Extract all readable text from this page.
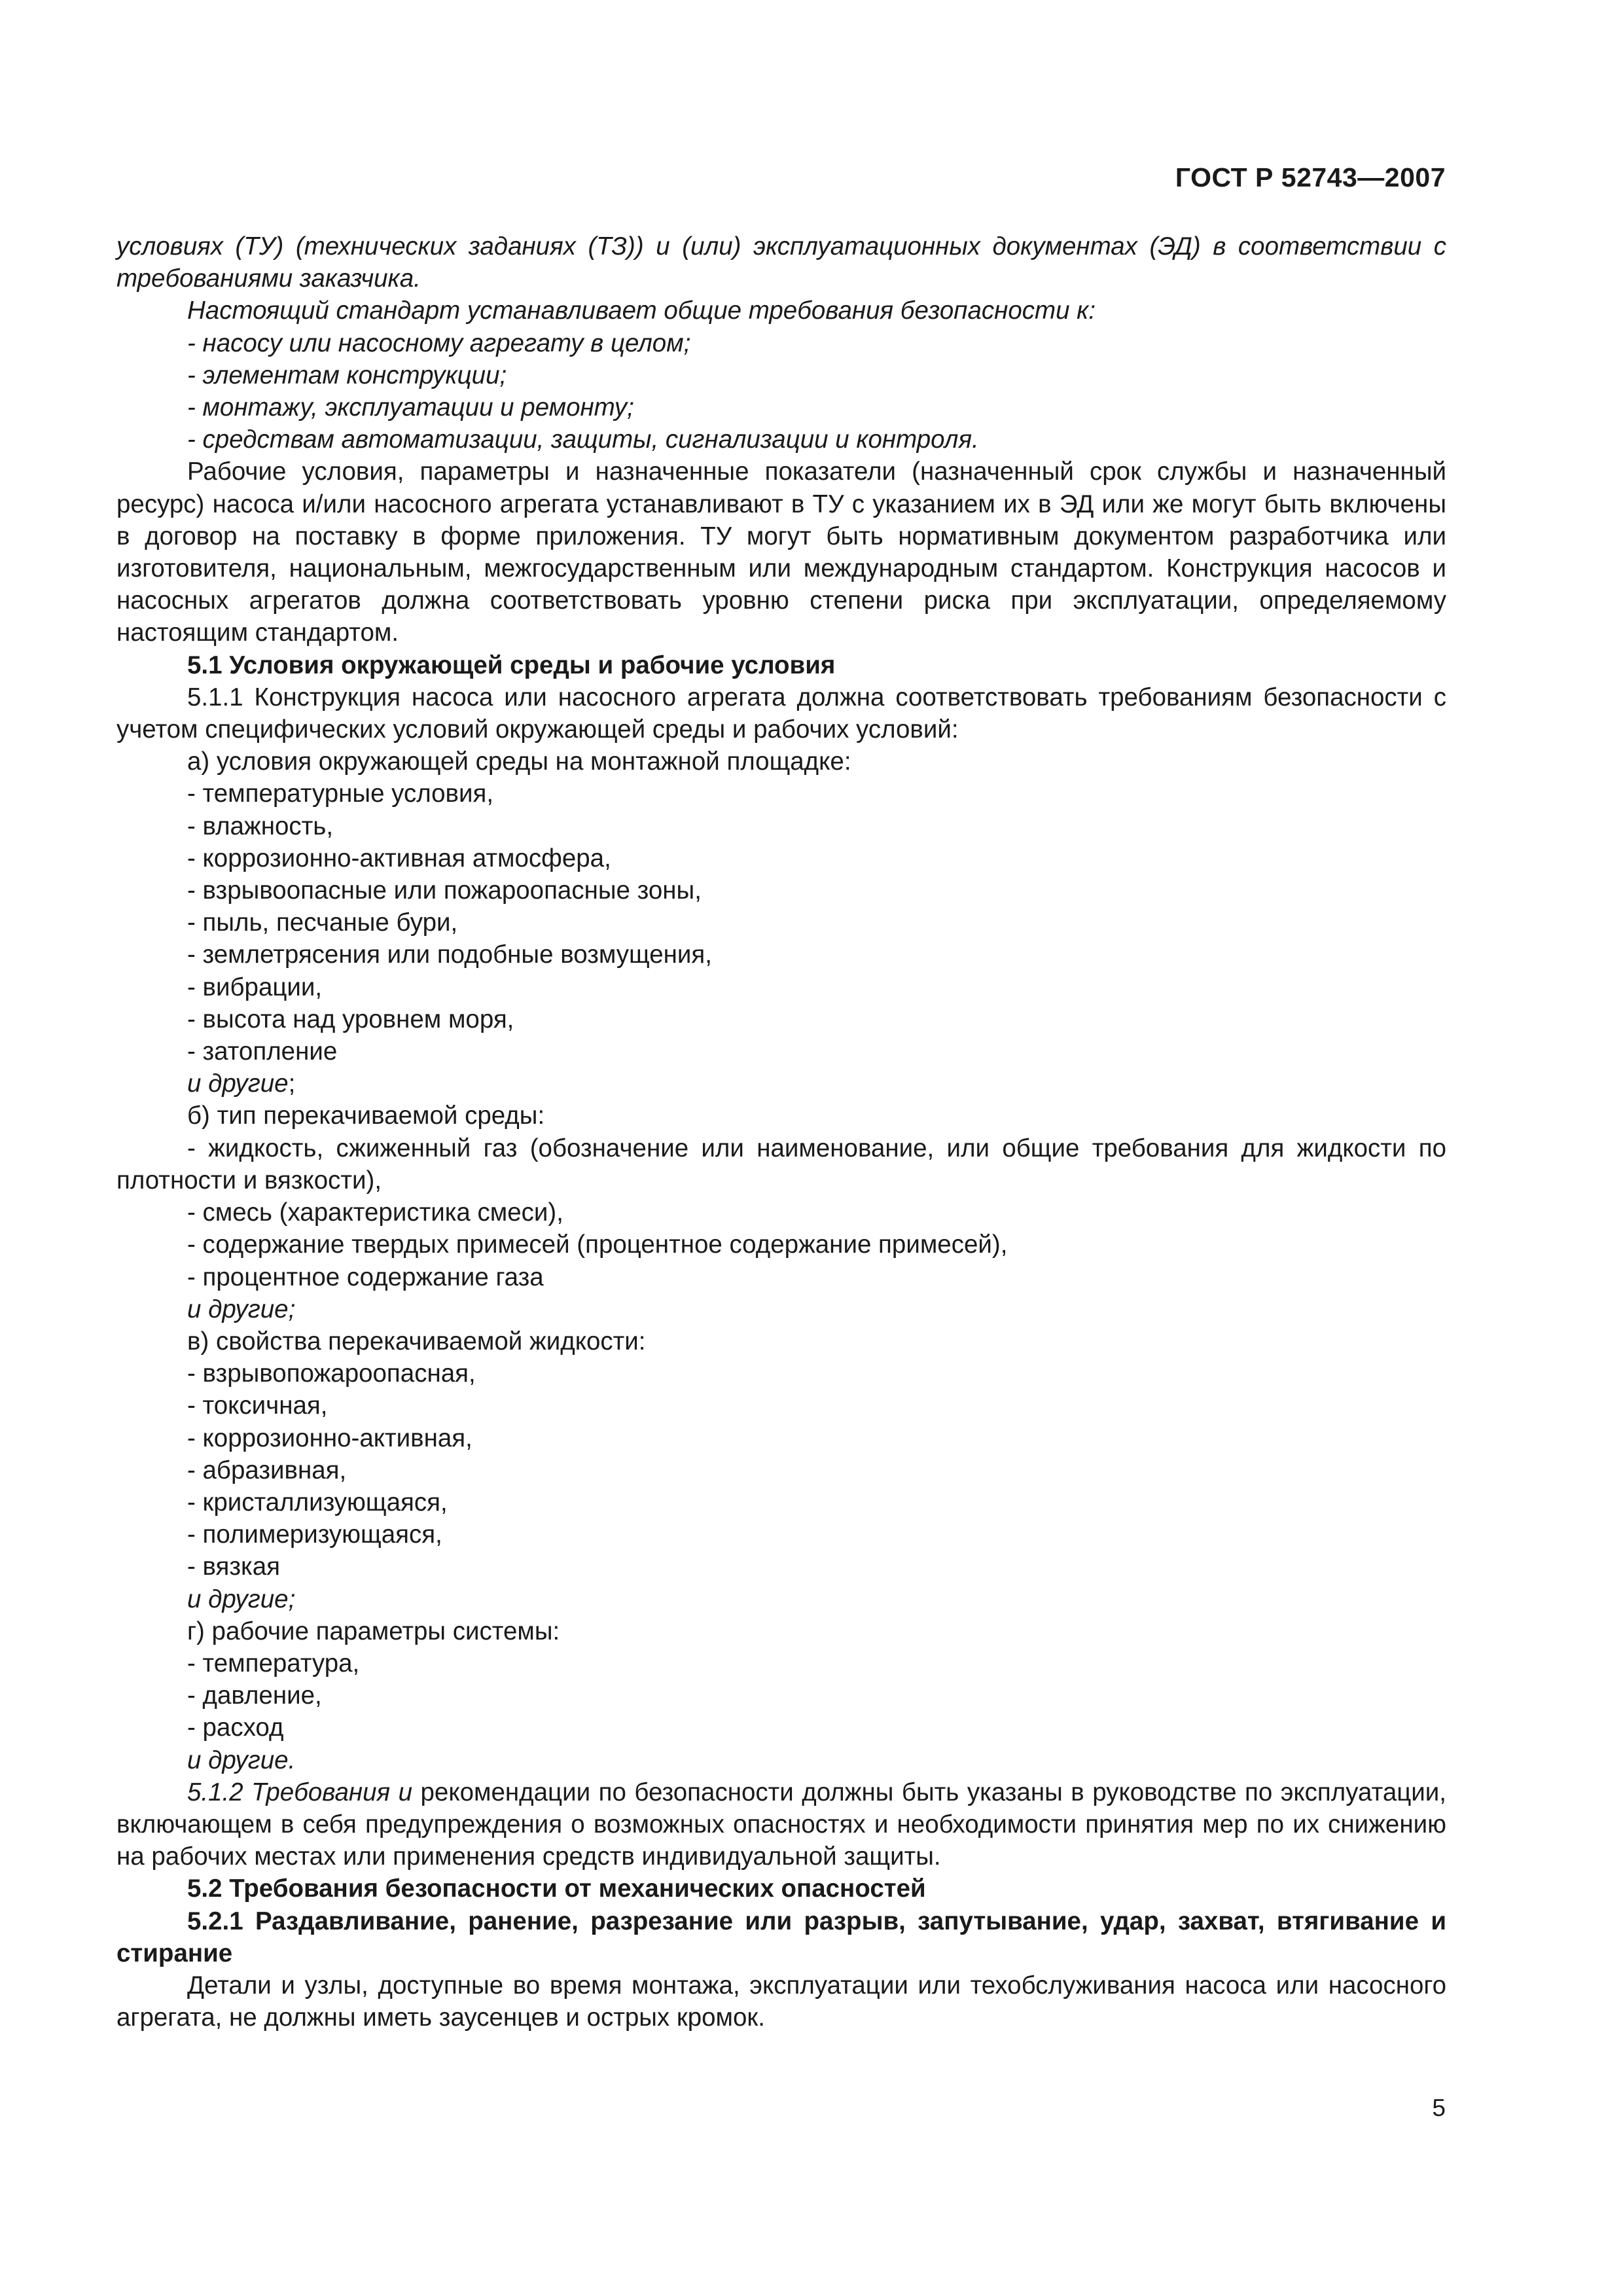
ГОСТ Р 52743—2007

условиях (ТУ) (технических заданиях (ТЗ)) и (или) эксплуатационных документах (ЭД) в соответствии с требованиями заказчика.

Настоящий стандарт устанавливает общие требования безопасности к:

- насосу или насосному агрегату в целом;

- элементам конструкции;

- монтажу, эксплуатации и ремонту;

- средствам автоматизации, защиты, сигнализации и контроля.

Рабочие условия, параметры и назначенные показатели (назначенный срок службы и назначенный ресурс) насоса и/или насосного агрегата устанавливают в ТУ с указанием их в ЭД или же могут быть включены в договор на поставку в форме приложения. ТУ могут быть нормативным документом разработчика или изготовителя, национальным, межгосударственным или международным стандартом. Конструкция насосов и насосных агрегатов должна соответствовать уровню степени риска при эксплуатации, определяемому настоящим стандартом.

5.1 Условия окружающей среды и рабочие условия

5.1.1 Конструкция насоса или насосного агрегата должна соответствовать требованиям безопасности с учетом специфических условий окружающей среды и рабочих условий:

а) условия окружающей среды на монтажной площадке:

- температурные условия,

- влажность,

- коррозионно-активная атмосфера,

- взрывоопасные или пожароопасные зоны,

- пыль, песчаные бури,

- землетрясения или подобные возмущения,

- вибрации,

- высота над уровнем моря,

- затопление

и другие;

б) тип перекачиваемой среды:

- жидкость, сжиженный газ (обозначение или наименование, или общие требования для жидкости по плотности и вязкости),

- смесь (характеристика смеси),

- содержание твердых примесей (процентное содержание примесей),

- процентное содержание газа

и другие;

в) свойства перекачиваемой жидкости:

- взрывопожароопасная,

- токсичная,

- коррозионно-активная,

- абразивная,

- кристаллизующаяся,

- полимеризующаяся,

- вязкая

и другие;

г) рабочие параметры системы:

- температура,

- давление,

- расход

и другие.

5.1.2 Требования и рекомендации по безопасности должны быть указаны в руководстве по эксплуатации, включающем в себя предупреждения о возможных опасностях и необходимости принятия мер по их снижению на рабочих местах или применения средств индивидуальной защиты.

5.2 Требования безопасности от механических опасностей

5.2.1 Раздавливание, ранение, разрезание или разрыв, запутывание, удар, захват, втягивание и стирание

Детали и узлы, доступные во время монтажа, эксплуатации или техобслуживания насоса или насосного агрегата, не должны иметь заусенцев и острых кромок.

5
